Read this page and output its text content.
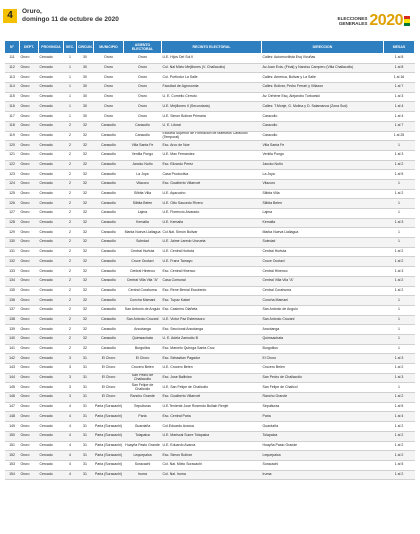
4	Oruro,
domingo 11 de octubre de 2020	ELECCIONES
GENERALES 2020
N°	DEPT.	PROVINCIA	SEC.	CIRCUN.	MUNICIPIO	ASIENTO ELECTORAL	RECINTO ELECTORAL	DIRECCION	MESAS
111	Oruro	Cercado	1	30	Oruro	Oruro	U.E. Hijos Del Sol II	Calles: Automovilista Esq Vicuñas	1 al 8
112	Oruro	Cercado	1	30	Oruro	Oruro	Col. Nal Mixto Mejillones (V. Challacollo)	Av.Juan Evia. (Final) y Narciso Campero (Villa Challacollo)	1 al 8
113	Oruro	Cercado	1	30	Oruro	Oruro	Col. Porfiodor La Salle	Calles: America, Bolivar y La Salle	1 al 16
114	Oruro	Cercado	1	30	Oruro	Oruro	Facultad de Agronomia	Calles: Bolivar, Pedro Ferrari y Villazon	1 al 7
115	Oruro	Cercado	1	30	Oruro	Oruro	U. E. Cornelio Cerruto	Av. Dehene Esq. Alejandro Turtowski	1 al 3
116	Oruro	Cercado	1	30	Oruro	Oruro	U.E. Mejillones II (Secundaria)	Calles: T.Monje, G. Molina y D. Salamanca (Zona Sud)	1 al 4
117	Oruro	Cercado	1	30	Oruro	Oruro	U.E. Simon Bolivar Primaria	Caracollo	1 al 4
118	Oruro	Cercado	2	32	Caracollo	Caracollo	U. E. Litoral	Caracollo	1 al 7
119	Oruro	Cercado	2	32	Caracollo	Caracollo	Escuela Superior de Formacion de Maestros Caracollo (Temporal)	Caracollo	1 al 25
120	Oruro	Cercado	2	32	Caracollo	Villa Santa Fe	Esc. Arco de Noe	Villa Santa Fe	1
121	Oruro	Cercado	2	32	Caracollo	Venilla Pongo	U.E. Max Fernandez	Venilla Pongo	1 al 3
122	Oruro	Cercado	2	32	Caracollo	Jancko Nuño	Esc. Elizardo Perez	Jancko Nuño	1 al 2
123	Oruro	Cercado	2	32	Caracollo	La Joya	Casa Productiva	La Joya	1 al 5
124	Oruro	Cercado	2	32	Caracollo	Vilacoro	Esc. Gualberto Villarroel	Vilacoro	1
125	Oruro	Cercado	2	32	Caracollo	Silbita Villa	U.E. Ayacucho	Silbita Villa	1 al 2
126	Oruro	Cercado	2	32	Caracollo	Silbita Belen	U.E. Otto Saucedo Rivero	Silbita Belen	1
127	Oruro	Cercado	2	32	Caracollo	Lajma	U.E. Florencio Alvarado	Lajma	1
128	Oruro	Cercado	2	32	Caracollo	Kemalla	U.E. Kemalla	Kemalla	1 al 3
129	Oruro	Cercado	2	32	Caracollo	Marka Nueva Llallagua	Col.Nal. Simón Bolivar	Marka Nueva Llallagua	1
130	Oruro	Cercado	2	32	Caracollo	Soledad	U.E. Jaime Laredo Unzueta	Soledad	1
131	Oruro	Cercado	2	32	Caracollo	Central Hurtuta	U.E. Central Hurtuta	Central Hurtuta	1 al 2
132	Oruro	Cercado	2	32	Caracollo	Cruce Ocotavi	U.E. Franz Tamayo	Cruce Ocotavi	1 al 2
133	Oruro	Cercado	2	32	Caracollo	Central Hinenco	Esc. Central Hinenco	Central Hinenco	1 al 3
134	Oruro	Cercado	2	32	Caracollo	Central Villa Vila "A"	Casa Comunal	Central Villa Vila "A"	1 al 2
135	Oruro	Cercado	2	32	Caracollo	Central Corahuma	Esc. Rene Bernal Escobedo	Central Corahuma	1 al 2
136	Oruro	Cercado	2	32	Caracollo	Concha Mamani	Esc. Tupac Katari	Concha Mamani	1
137	Oruro	Cercado	2	32	Caracollo	San Antonio de Angulo	Esc. Casimiro Olañeta	San Antonio de Angulo	1
138	Oruro	Cercado	2	32	Caracollo	San Antonio Cruzani	U.E. Victor Paz Estenssoro	San Antonio Cruzani	1
139	Oruro	Cercado	2	32	Caracollo	Ancotanga	Esc. Seccional Ancotanga	Ancotanga	1
140	Oruro	Cercado	2	32	Caracollo	Quimsachata	U. E. Adela Zamudio B	Quimsachata	1
141	Oruro	Cercado	2	32	Caracollo	Burguillos	Esc. Marcelo Quiroga Santa Cruz	Burguillos	1
142	Oruro	Cercado	3	31	El Choro	El Choro	Esc. Sebastian Pagador	El Choro	1 al 3
143	Oruro	Cercado	3	31	El Choro	Crucero Belen	U.E. Crucero Belen	Crucero Belen	1 al 2
144	Oruro	Cercado	3	31	El Choro	San Pedro de Challacollo	Esc. Jose Ballivian	San Pedro de Challacollo	1 al 3
145	Oruro	Cercado	3	31	El Choro	San Felipe de Chalicollo	U.E. San Felipe de Chalicollo	San Felipe de Chalicol	1
146	Oruro	Cercado	3	31	El Choro	Rancho Grande	Esc. Gualberto Villarroel	Rancho Grande	1 al 2
147	Oruro	Cercado	4	31	Paria (Soracachi)	Sepulturas	U.E.Teniente Jose Rosendo Bullain Renjel	Sepulturas	1 al 5
148	Oruro	Cercado	4	31	Paria (Soracachi)	Paria	Esc. Central Paria	Paria	1 al 4
149	Oruro	Cercado	4	31	Paria (Soracachi)	Guardaña	Col.Eduardo Avaroa	Guardaña	1 al 2
150	Oruro	Cercado	4	31	Paria (Soracachi)	Tolapalca	U.E. Mariscal Sucre Tolapalca	Tolapalca	1 al 2
151	Oruro	Cercado	4	31	Paria (Soracachi)	Huayña Pasto Grande	U.E. Eduardo Avaroa	Huayña Pasto Grande	1 al 2
152	Oruro	Cercado	4	31	Paria (Soracachi)	Lequepalca	Esc. Simon Bolivar	Lequepalca	1 al 2
153	Oruro	Cercado	4	31	Paria (Soracachi)	Soracachi	Col. Nal. Mixto Soracachi	Soracachi	1 al 5
154	Oruro	Cercado	4	31	Paria (Soracachi)	Iruma	Col. Nal. Iruma	Iruma	1 al 2
